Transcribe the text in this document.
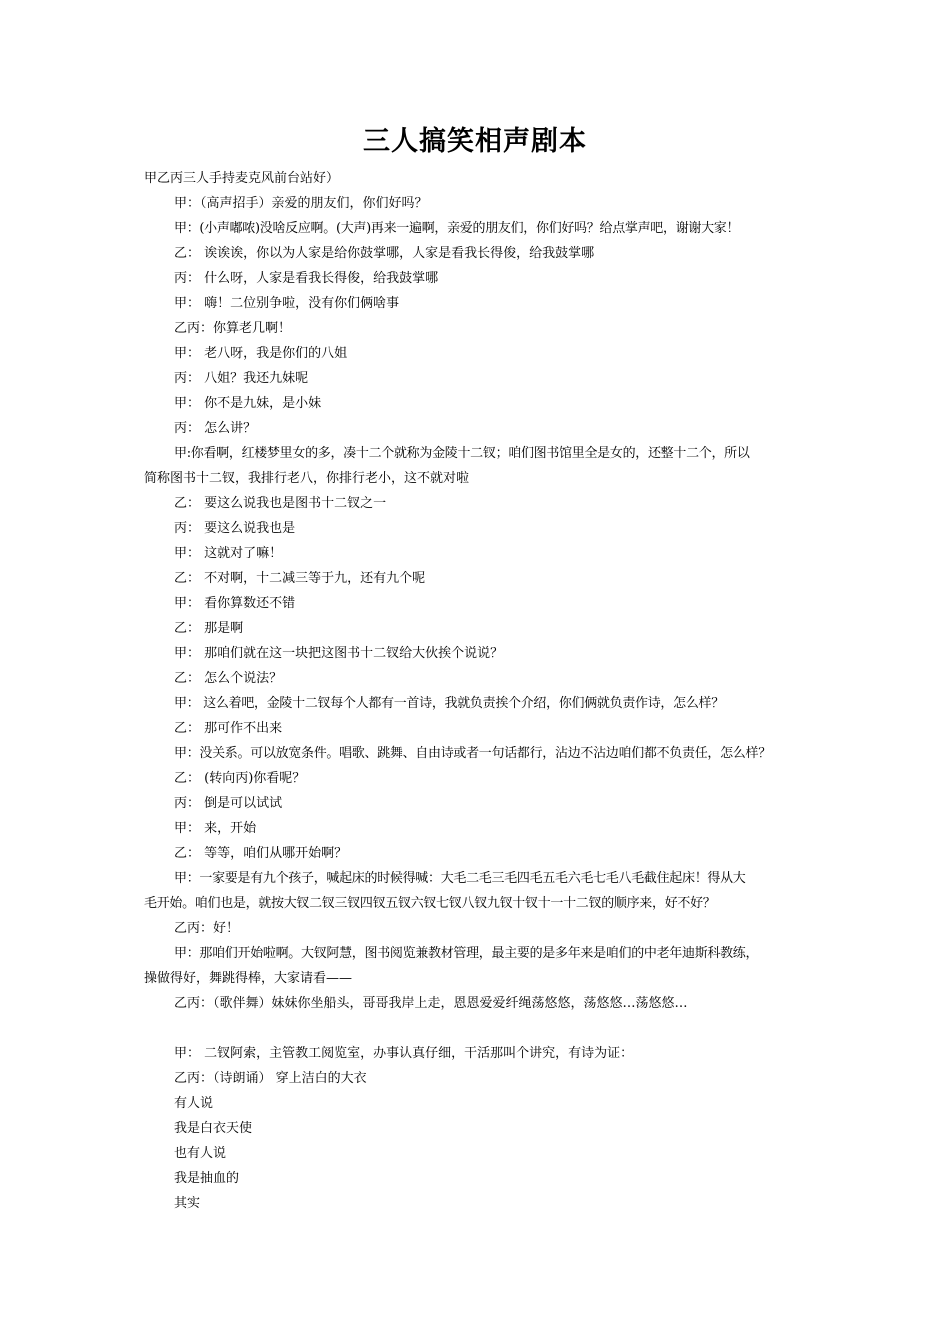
三人搞笑相声剧本
甲乙丙三人手持麦克风前台站好）
甲：（高声招手）亲爱的朋友们，你们好吗？
甲：(小声嘟哝)没啥反应啊。(大声)再来一遍啊，亲爱的朋友们，你们好吗？给点掌声吧，谢谢大家！
乙： 诶诶诶，你以为人家是给你鼓掌哪，人家是看我长得俊，给我鼓掌哪
丙： 什么呀，人家是看我长得俊，给我鼓掌哪
甲： 嗨！二位别争啦，没有你们俩啥事
乙丙：你算老几啊！
甲： 老八呀，我是你们的八姐
丙： 八姐？我还九妹呢
甲： 你不是九妹，是小妹
丙： 怎么讲？
甲:你看啊，红楼梦里女的多，凑十二个就称为金陵十二钗；咱们图书馆里全是女的，还整十二个，所以
简称图书十二钗，我排行老八，你排行老小，这不就对啦
乙： 要这么说我也是图书十二钗之一
丙： 要这么说我也是
甲： 这就对了嘛！
乙： 不对啊，十二减三等于九，还有九个呢
甲： 看你算数还不错
乙： 那是啊
甲： 那咱们就在这一块把这图书十二钗给大伙挨个说说？
乙： 怎么个说法？
甲： 这么着吧，金陵十二钗每个人都有一首诗，我就负责挨个介绍，你们俩就负责作诗，怎么样？
乙： 那可作不出来
甲：没关系。可以放宽条件。唱歌、跳舞、自由诗或者一句话都行，沾边不沾边咱们都不负责任，怎么样？
乙： (转向丙)你看呢？
丙： 倒是可以试试
甲： 来，开始
乙： 等等，咱们从哪开始啊？
甲：一家要是有九个孩子，喊起床的时候得喊：大毛二毛三毛四毛五毛六毛七毛八毛截住起床！得从大
毛开始。咱们也是，就按大钗二钗三钗四钗五钗六钗七钗八钗九钗十钗十一十二钗的顺序来，好不好？
乙丙：好！
甲：那咱们开始啦啊。大钗阿慧，图书阅览兼教材管理，最主要的是多年来是咱们的中老年迪斯科教练，
操做得好，舞跳得棒，大家请看——
乙丙：（歌伴舞）妹妹你坐船头，哥哥我岸上走，恩恩爱爱纤绳荡悠悠，荡悠悠…荡悠悠…
甲： 二钗阿索，主管教工阅览室，办事认真仔细，干活那叫个讲究，有诗为证：
乙丙：（诗朗诵） 穿上洁白的大衣
有人说
我是白衣天使
也有人说
我是抽血的
其实
